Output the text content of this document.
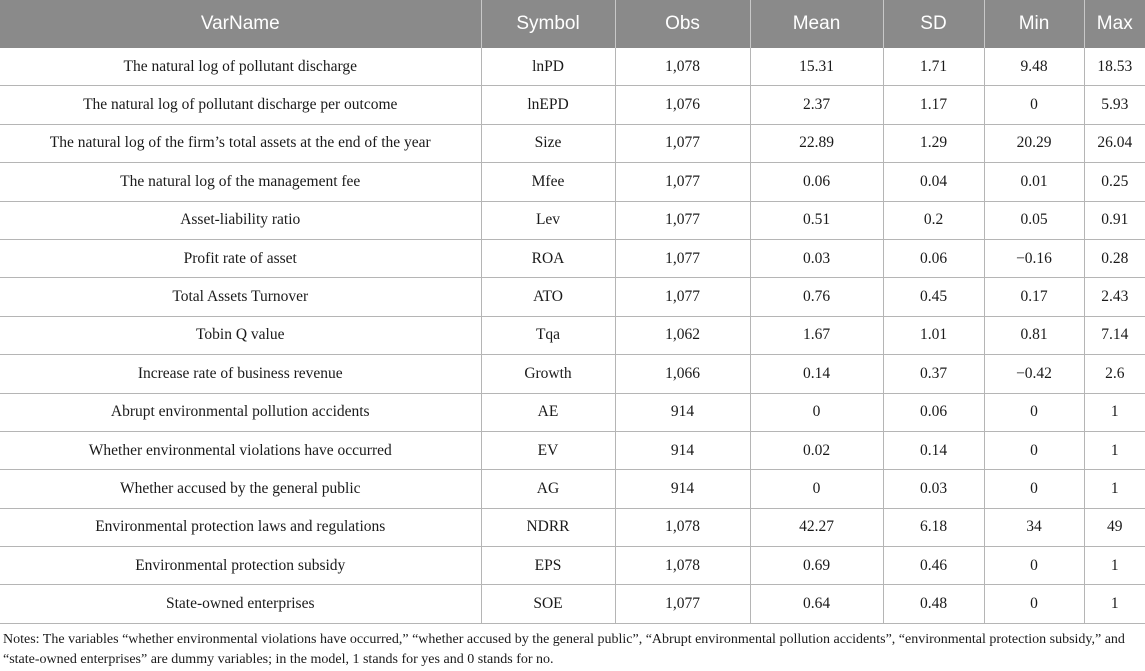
VarName	Symbol	Obs	Mean	SD	Min	Max
The natural log of pollutant discharge	lnPD	1,078	15.31	1.71	9.48	18.53
The natural log of pollutant discharge per outcome	lnEPD	1,076	2.37	1.17	0	5.93
The natural log of the firm’s total assets at the end of the year	Size	1,077	22.89	1.29	20.29	26.04
The natural log of the management fee	Mfee	1,077	0.06	0.04	0.01	0.25
Asset-liability ratio	Lev	1,077	0.51	0.2	0.05	0.91
Profit rate of asset	ROA	1,077	0.03	0.06	−0.16	0.28
Total Assets Turnover	ATO	1,077	0.76	0.45	0.17	2.43
Tobin Q value	Tqa	1,062	1.67	1.01	0.81	7.14
Increase rate of business revenue	Growth	1,066	0.14	0.37	−0.42	2.6
Abrupt environmental pollution accidents	AE	914	0	0.06	0	1
Whether environmental violations have occurred	EV	914	0.02	0.14	0	1
Whether accused by the general public	AG	914	0	0.03	0	1
Environmental protection laws and regulations	NDRR	1,078	42.27	6.18	34	49
Environmental protection subsidy	EPS	1,078	0.69	0.46	0	1
State-owned enterprises	SOE	1,077	0.64	0.48	0	1

Notes: The variables “whether environmental violations have occurred,” “whether accused by the general public”, “Abrupt environmental pollution accidents”, “environmental protection subsidy,” and “state-owned enterprises” are dummy variables; in the model, 1 stands for yes and 0 stands for no.
